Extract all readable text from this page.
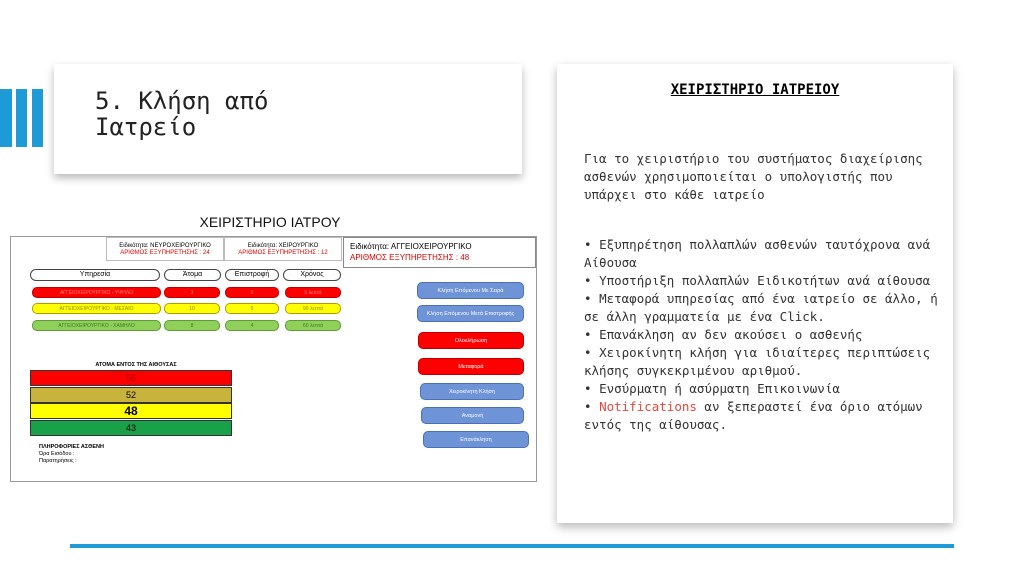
5. Κλήση από
Ιατρείο
ΧΕΙΡΙΣΤΗΡΙΟ ΙΑΤΡΕΙΟΥ
Για το χειριστήριο του συστήματος διαχείρισης ασθενών χρησιμοποιείται ο υπολογιστής που υπάρχει στο κάθε ιατρείο
• Εξυπηρέτηση πολλαπλών ασθενών ταυτόχρονα ανά Αίθουσα
• Υποστήριξη πολλαπλών Ειδικοτήτων ανά αίθουσα
• Μεταφορά υπηρεσίας από ένα ιατρείο σε άλλο, ή σε άλλη γραμματεία με ένα Click.
• Επανάκληση αν δεν ακούσει ο ασθενής
• Χειροκίνητη κλήση για ιδιαίτερες περιπτώσεις κλήσης συγκεκριμένου αριθμού.
• Ενσύρματη ή ασύρματη Επικοινωνία
• Notifications αν ξεπεραστεί ένα όριο ατόμων εντός της αίθουσας.
ΧΕΙΡΙΣΤΗΡΙΟ ΙΑΤΡΟΥ
Ειδικότητα: ΝΕΥΡΟΧΕΙΡΟΥΡΓΙΚΟ
ΑΡΙΘΜΟΣ ΕΞΥΠΗΡΕΤΗΣΗΣ : 24
Ειδικότητα: ΧΕΙΡΟΥΡΓΙΚΟ
ΑΡΙΘΜΟΣ ΕΞΥΠΗΡΕΤΗΣΗΣ : 12
Ειδικότητα: ΑΓΓΕΙΟΧΕΙΡΟΥΡΓΙΚΟ
ΑΡΙΘΜΟΣ ΕΞΥΠΗΡΕΤΗΣΗΣ : 48
Υπηρεσία	Άτομα	Επιστροφή	Χρόνος
ΑΓΓΕΙΟΧΕΙΡΟΥΡΓΙΚΟ - ΥΨΗΛΟ	3	0	5 λεπτά
ΑΓΓΕΙΟΧΕΙΡΟΥΡΓΙΚΟ - ΜΕΣΑΙΟ	10	5	90 λεπτά
ΑΓΓΕΙΟΧΕΙΡΟΥΡΓΙΚΟ - ΧΑΜΗΛΟ	8	4	60 λεπτά
Κλήση Επόμενου Με Σειρά
Κλήση Επόμενου Μετά Επιστροφής
Ολοκλήρωση
Μεταφορά
Χειροκίνητη Κλήση
Αναμονή
Επανάκληση
ΑΤΟΜΑ ΕΝΤΟΣ ΤΗΣ ΑΙΘΟΥΣΑΣ
56
52
48
43
ΠΛΗΡΟΦΟΡΙΕΣ ΑΣΘΕΝΗ
Ώρα Εισόδου :
Παρατηρήσεις :
